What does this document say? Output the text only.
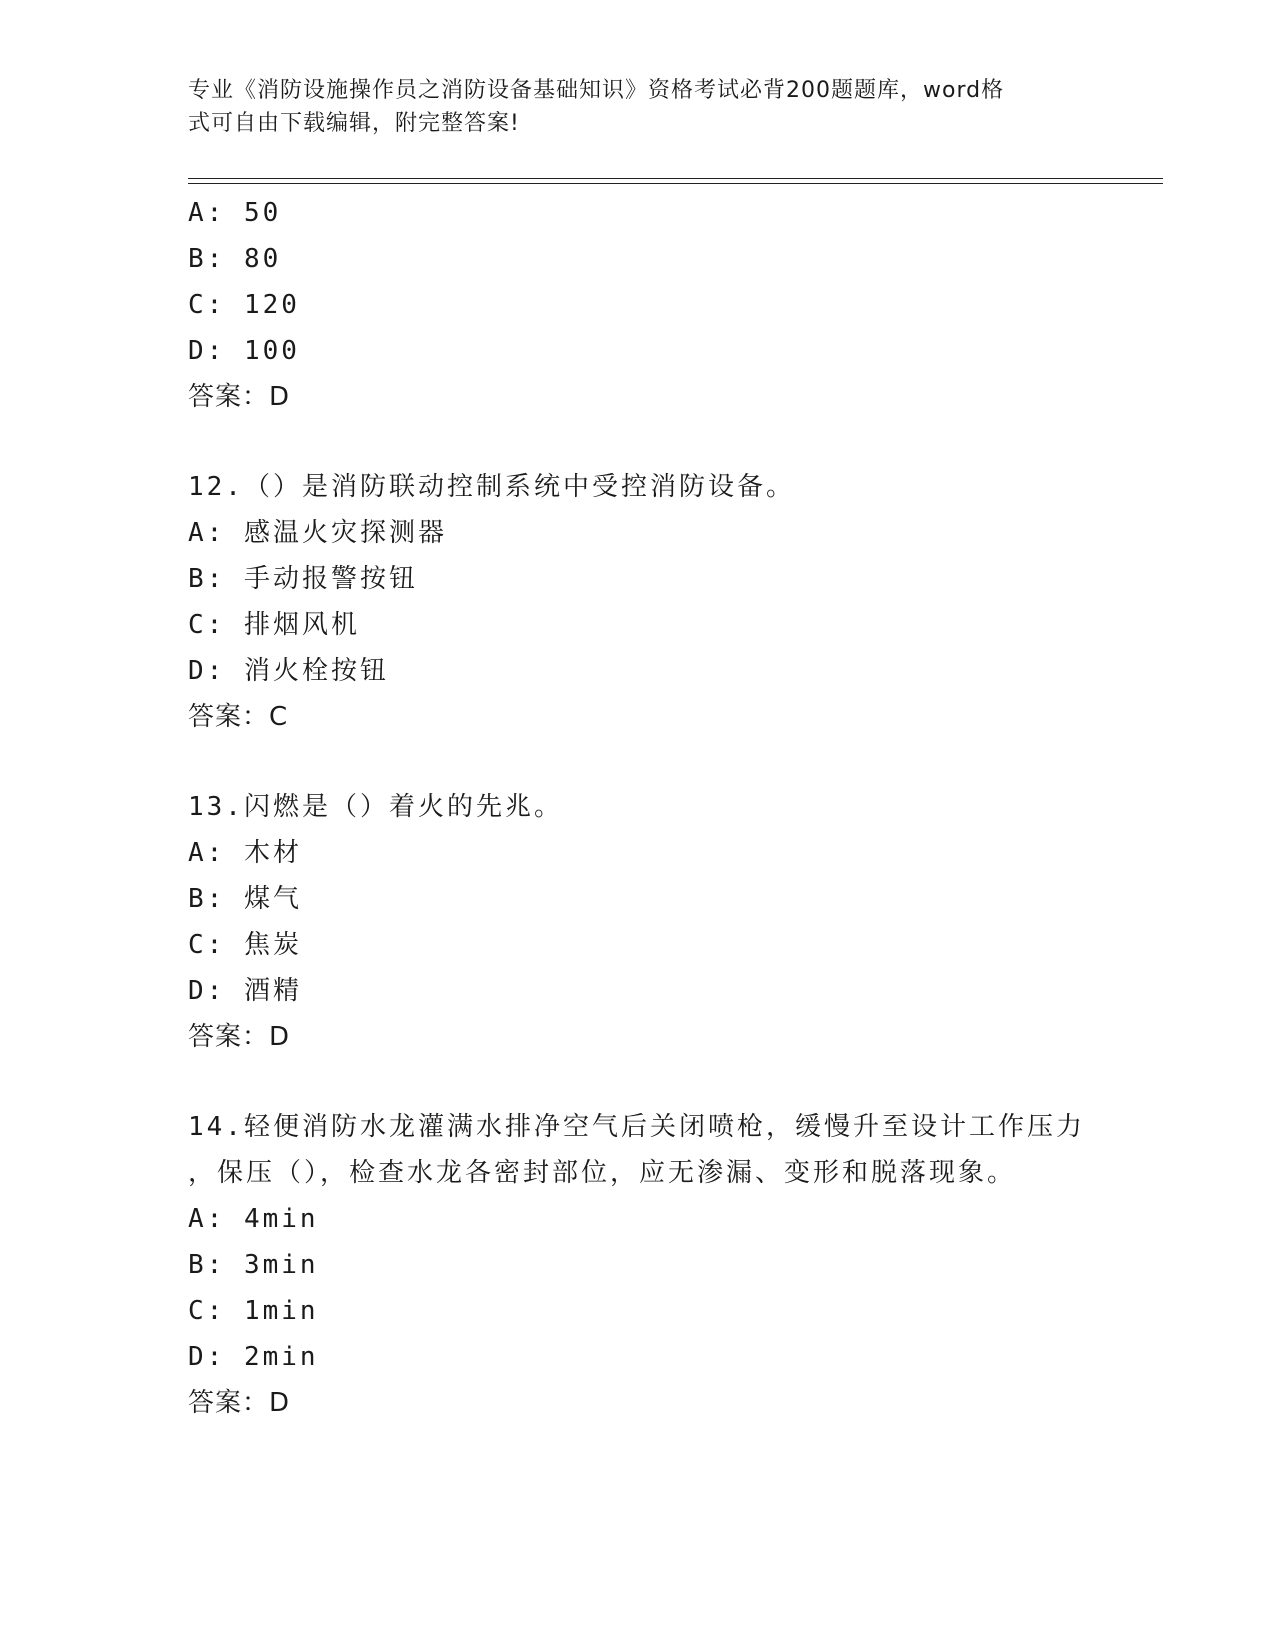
专业《消防设施操作员之消防设备基础知识》资格考试必背200题题库，word格
式可自由下载编辑，附完整答案!
A: 50
B: 80
C: 120
D: 100
答案：D
12.（）是消防联动控制系统中受控消防设备。
A: 感温火灾探测器
B: 手动报警按钮
C: 排烟风机
D: 消火栓按钮
答案：C
13.闪燃是（）着火的先兆。
A: 木材
B: 煤气
C: 焦炭
D: 酒精
答案：D
14.轻便消防水龙灌满水排净空气后关闭喷枪，缓慢升至设计工作压力
，保压（），检查水龙各密封部位，应无渗漏、变形和脱落现象。
A: 4min
B: 3min
C: 1min
D: 2min
答案：D
